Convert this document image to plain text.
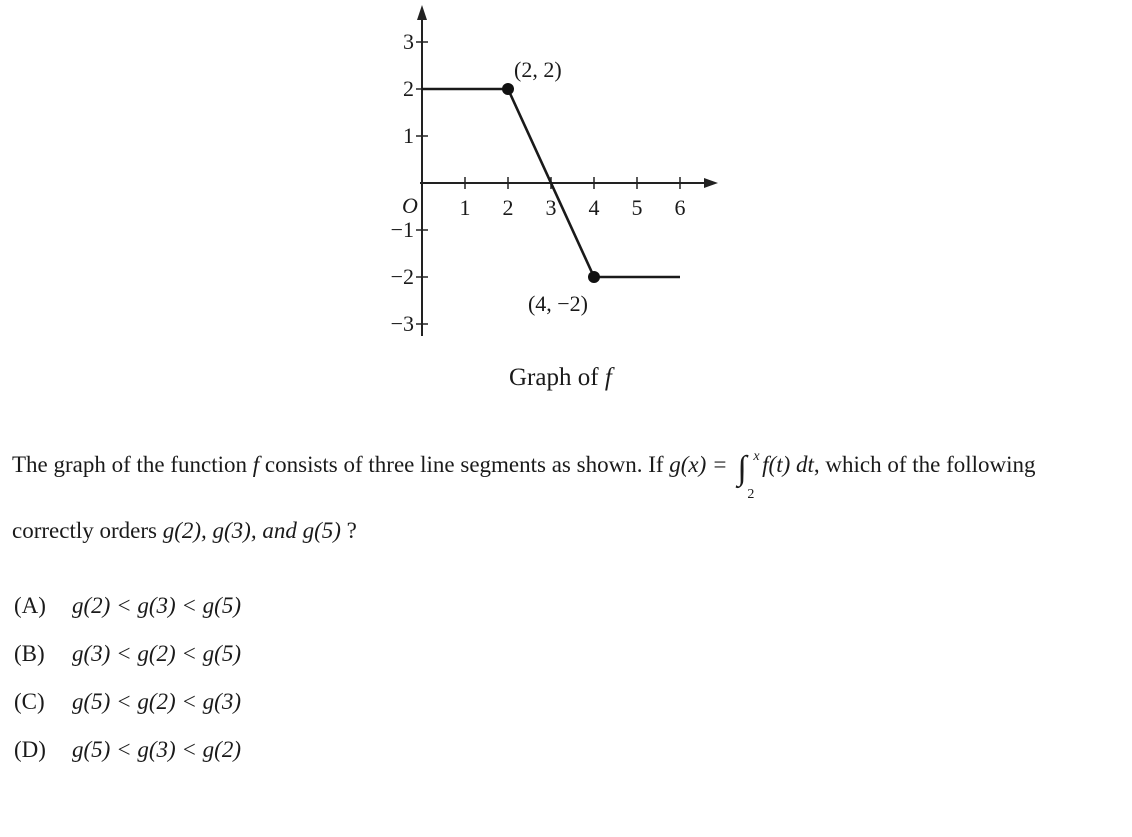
3
2
1
−1
−2
−3
1 2 3 4 5 6
O
(2, 2)
(4, −2)
Graph of f
The graph of the function f consists of three line segments as shown. If g(x) = ∫ x
2
f(t) dt, which of the following correctly orders g(2), g(3), and g(5) ?
(A)	g(2) < g(3) < g(5)
(B)	g(3) < g(2) < g(5)
(C)	g(5) < g(2) < g(3)
(D)	g(5) < g(3) < g(2)
